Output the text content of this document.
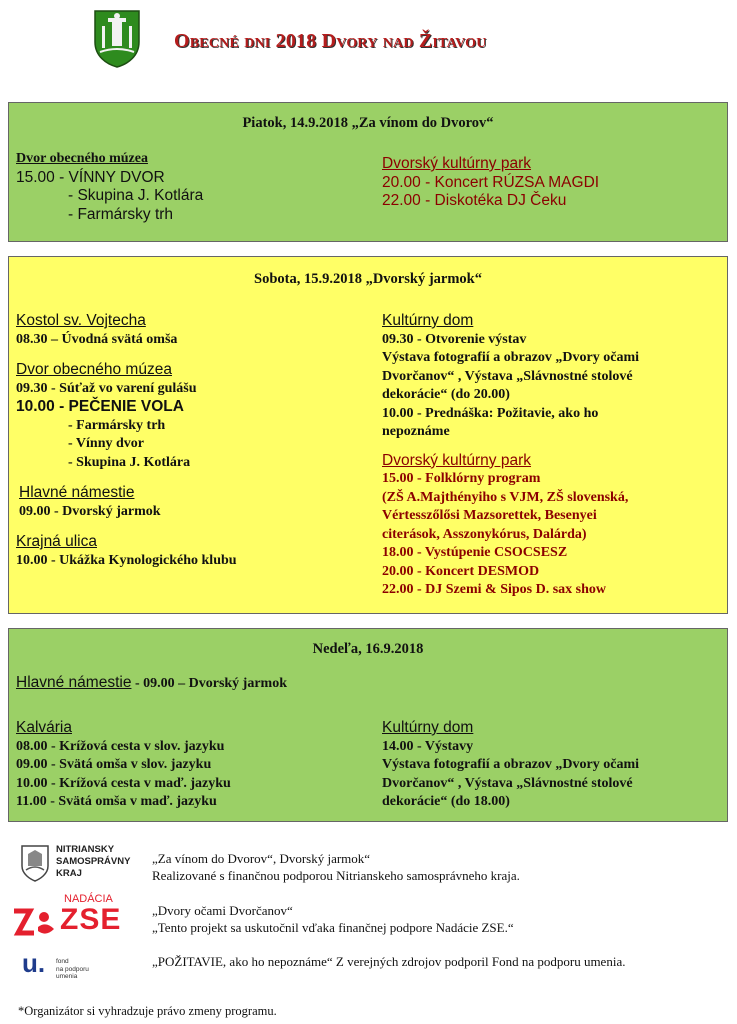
Obecné dni 2018 Dvory nad Žitavou
Piatok, 14.9.2018 „Za vínom do Dvorov“
Dvor obecného múzea
15.00 - VÍNNY DVOR
- Skupina J. Kotlára
- Farmársky trh
Dvorský kultúrny park
20.00 - Koncert RÚZSA MAGDI
22.00 - Diskotéka DJ Čeku
Sobota, 15.9.2018 „Dvorský jarmok“
Kostol sv. Vojtecha
08.30 – Úvodná svätá omša
Dvor obecného múzea
09.30 - Súťaž vo varení gulášu
10.00 - PEČENIE VOLA
- Farmársky trh
- Vínny dvor
- Skupina J. Kotlára
Hlavné námestie
09.00 - Dvorský jarmok
Krajná ulica
10.00 - Ukážka Kynologického klubu
Kultúrny dom
09.30 - Otvorenie výstav
Výstava fotografií a obrazov „Dvory očami
Dvorčanov“ , Výstava „Slávnostné stolové
dekorácie“ (do 20.00)
10.00 - Prednáška: Požitavie, ako ho
nepoznáme
Dvorský kultúrny park
15.00 - Folklórny program
(ZŠ A.Majthényiho s VJM, ZŠ slovenská,
Vértesszőlősi Mazsorettek, Besenyei
citerások, Asszonykórus, Dalárda)
18.00 - Vystúpenie CSOCSESZ
20.00 - Koncert DESMOD
22.00 - DJ Szemi & Sipos D. sax show
Nedeľa, 16.9.2018
Hlavné námestie - 09.00 – Dvorský jarmok
Kalvária
08.00 - Krížová cesta v slov. jazyku
09.00 - Svätá omša v slov. jazyku
10.00 - Krížová cesta v maď. jazyku
11.00 - Svätá omša v maď. jazyku
Kultúrny dom
14.00 - Výstavy
Výstava fotografií a obrazov „Dvory očami
Dvorčanov“ , Výstava „Slávnostné stolové
dekorácie“ (do 18.00)
NITRIANSKY
SAMOSPRÁVNY
KRAJ
„Za vínom do Dvorov“, Dvorský jarmok“
Realizované s finančnou podporou Nitrianskeho samosprávneho kraja.
NADÁCIA
ZSE „Dvory očami Dvorčanov“
„Tento projekt sa uskutočnil vďaka finančnej podpore Nadácie ZSE.“
u. fond
na podporu
umenia
„POŽITAVIE, ako ho nepoznáme“ Z verejných zdrojov podporil Fond na podporu umenia.
*Organizátor si vyhradzuje právo zmeny programu.
